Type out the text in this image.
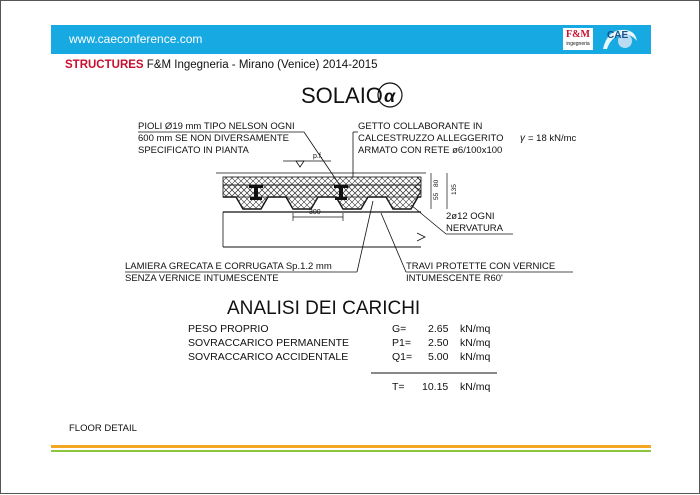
www.caeconference.com	F&M
ingegneria
CAE
STRUCTURES F&M Ingegneria - Mirano (Venice) 2014-2015
SOLAIO α
PIOLI Ø19 mm TIPO NELSON OGNI
600 mm SE NON DIVERSAMENTE
SPECIFICATO IN PIANTA
GETTO COLLABORANTE IN
CALCESTRUZZO ALLEGGERITO γ = 18 kN/mc
ARMATO CON RETE ø6/100x100
p.f.
300
55
80
135
2ø12 OGNI
NERVATURA
LAMIERA GRECATA E CORRUGATA Sp.1.2 mm
SENZA VERNICE INTUMESCENTE
TRAVI PROTETTE CON VERNICE
INTUMESCENTE R60'
ANALISI DEI CARICHI
PESO PROPRIO	G= 2.65 kN/mq
SOVRACCARICO PERMANENTE	P1= 2.50 kN/mq
SOVRACCARICO ACCIDENTALE	Q1= 5.00 kN/mq
T= 10.15 kN/mq
FLOOR DETAIL
